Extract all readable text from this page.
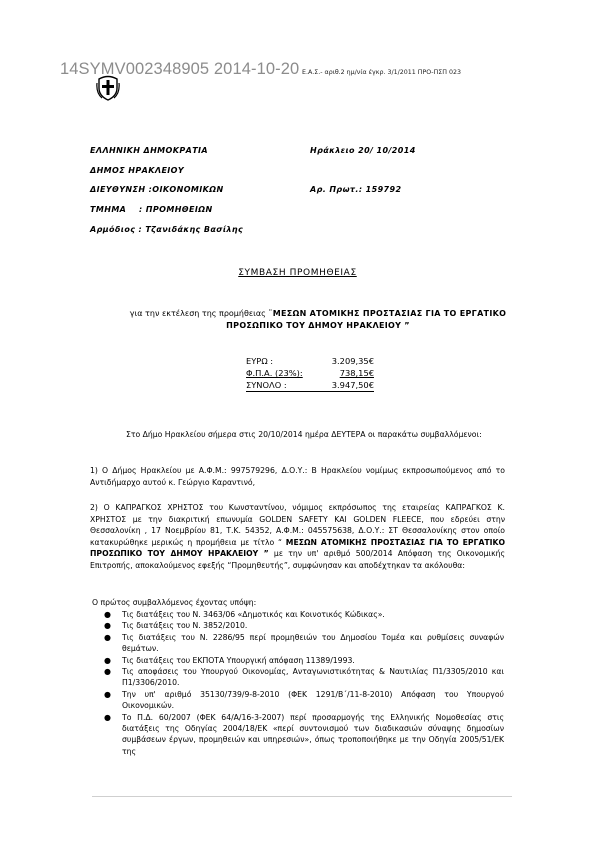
14SYMV002348905 2014-10-20 Ε.Α.Σ.- αριθ.2 ημ/νία έγκρ. 3/1/2011 ΠΡΟ-ΠΣΠ 023
ΕΛΛΗΝΙΚΗ ΔΗΜΟΚΡΑΤΙΑ
ΔΗΜΟΣ ΗΡΑΚΛΕΙΟΥ
ΔΙΕΥΘΥΝΣΗ :ΟΙΚΟΝΟΜΙΚΩΝ
ΤΜΗΜΑ    : ΠΡΟΜΗΘΕΙΩΝ
Αρμόδιος : Τζανιδάκης Βασίλης
Ηράκλειο 20/ 10/2014
Αρ. Πρωτ.: 159792
ΣΥΜΒΑΣΗ ΠΡΟΜΗΘΕΙΑΣ
για την εκτέλεση της προμήθειας ¨ΜΕΣΩΝ ΑΤΟΜΙΚΗΣ ΠΡΟΣΤΑΣΙΑΣ ΓΙΑ ΤΟ ΕΡΓΑΤΙΚΟ ΠΡΟΣΩΠΙΚΟ ΤΟΥ ΔΗΜΟΥ ΗΡΑΚΛΕΙΟΥ ”
ΕΥΡΩ :	3.209,35€
Φ.Π.Α. (23%):	738,15€
ΣΥΝΟΛΟ :	3.947,50€
Στο Δήμο Ηρακλείου σήμερα στις 20/10/2014 ημέρα ΔΕΥΤΕΡΑ οι παρακάτω συμβαλλόμενοι:
1) Ο Δήμος Ηρακλείου με Α.Φ.Μ.: 997579296, Δ.Ο.Υ.: Β Ηρακλείου νομίμως εκπροσωπούμενος από το Αντιδήμαρχο αυτού κ. Γεώργιο Καραντινό,
2) Ο ΚΑΠΡΑΓΚΟΣ ΧΡΗΣΤΟΣ του Κωνσταντίνου, νόμιμος εκπρόσωπος της εταιρείας ΚΑΠΡΑΓΚΟΣ Κ. ΧΡΗΣΤΟΣ με την διακριτική επωνυμία GOLDEN SAFETY ΚΑΙ GOLDEN FLEECE, που εδρεύει στην Θεσσαλονίκη , 17 Νοεμβρίου 81, Τ.Κ. 54352, Α.Φ.Μ.: 045575638, Δ.Ο.Υ.: ΣΤ Θεσσαλονίκης στον οποίο κατακυρώθηκε μερικώς η προμήθεια με τίτλο “ ΜΕΣΩΝ ΑΤΟΜΙΚΗΣ ΠΡΟΣΤΑΣΙΑΣ ΓΙΑ ΤΟ ΕΡΓΑΤΙΚΟ ΠΡΟΣΩΠΙΚΟ ΤΟΥ ΔΗΜΟΥ ΗΡΑΚΛΕΙΟΥ ” με την υπ' αριθμό 500/2014 Απόφαση της Οικονομικής Επιτροπής, αποκαλούμενος εφεξής “Προμηθευτής”, συμφώνησαν και αποδέχτηκαν τα ακόλουθα:
Ο πρώτος συμβαλλόμενος έχοντας υπόψη:
● Τις διατάξεις του Ν. 3463/06 «Δημοτικός και Κοινοτικός Κώδικας».
● Τις διατάξεις του Ν. 3852/2010.
● Τις διατάξεις του Ν. 2286/95 περί προμηθειών του Δημοσίου Τομέα και ρυθμίσεις συναφών θεμάτων.
● Τις διατάξεις του ΕΚΠΟΤΑ Υπουργική απόφαση 11389/1993.
● Τις αποφάσεις του Υπουργού Οικονομίας, Ανταγωνιστικότητας & Ναυτιλίας Π1/3305/2010 και Π1/3306/2010.
● Την υπ' αριθμό 35130/739/9-8-2010 (ΦΕΚ 1291/Β΄/11-8-2010) Απόφαση του Υπουργού Οικονομικών.
● Το Π.Δ. 60/2007 (ΦΕΚ 64/Α/16-3-2007) περί προσαρμογής της Ελληνικής Νομοθεσίας στις διατάξεις της Οδηγίας 2004/18/ΕΚ «περί συντονισμού των διαδικασιών σύναψης δημοσίων συμβάσεων έργων, προμηθειών και υπηρεσιών», όπως τροποποιήθηκε με την Οδηγία 2005/51/ΕΚ της
